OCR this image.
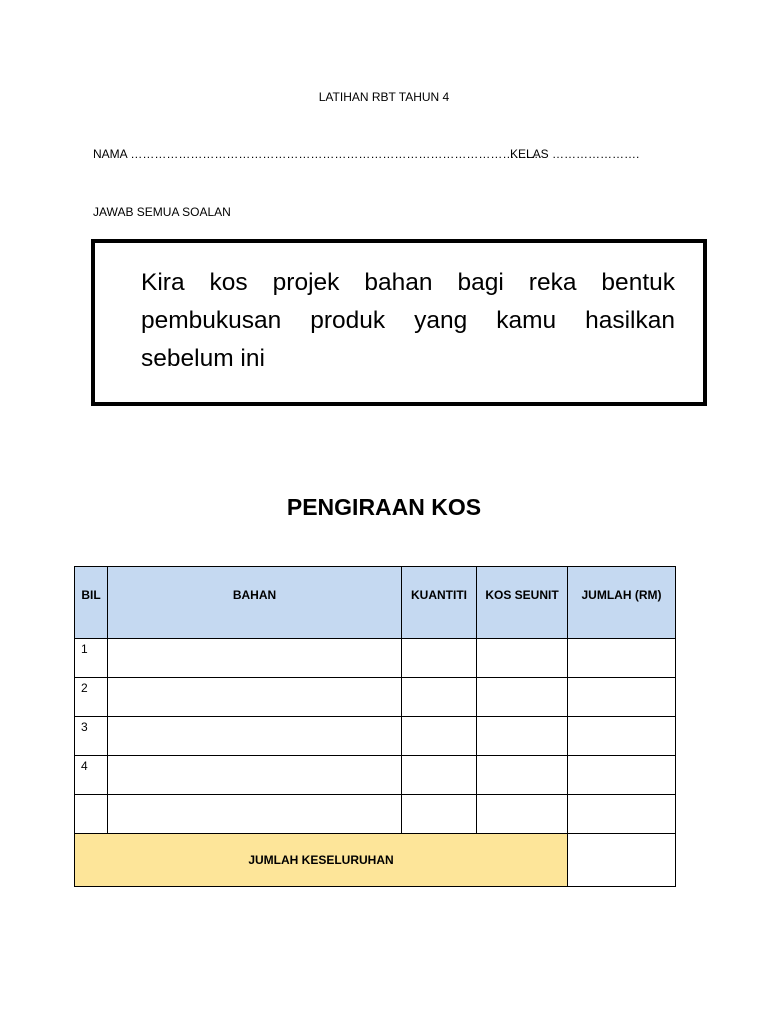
LATIHAN RBT TAHUN 4
NAMA ………………………………………………………………………………………….
KELAS ………………….
JAWAB SEMUA SOALAN
Kira kos projek bahan bagi reka bentuk pembukusan produk yang kamu hasilkan sebelum ini
PENGIRAAN KOS
BIL	BAHAN	KUANTITI	KOS SEUNIT	JUMLAH (RM)
1				
2				
3				
4				

JUMLAH KESELURUHAN				
